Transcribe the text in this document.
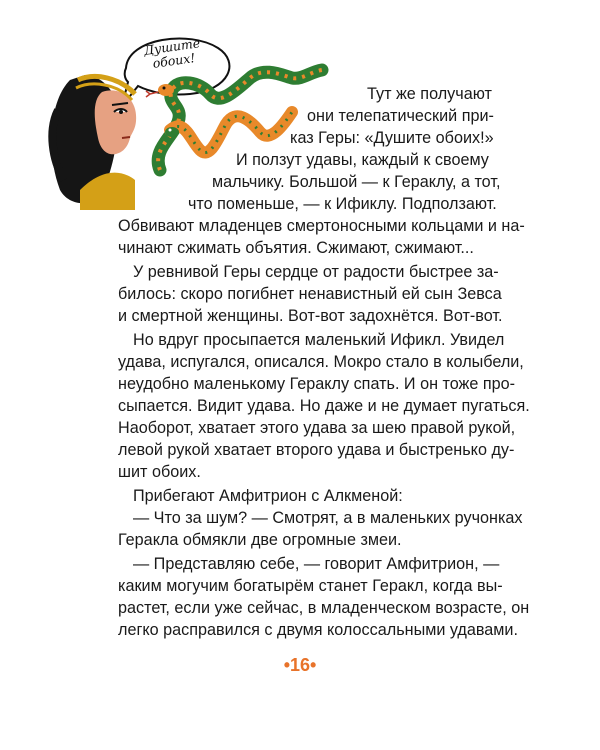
Душите обоих!
Тут же получают
они телепатический при-
каз Геры: «Душите обоих!»
И ползут удавы, каждый к своему
мальчику. Большой — к Гераклу, а тот,
что поменьше, — к Ификлу. Подползают.
Обвивают младенцев смертоносными кольцами и на-
чинают сжимать объятия. Сжимают, сжимают...
У ревнивой Геры сердце от радости быстрее за-
билось: скоро погибнет ненавистный ей сын Зевса
и смертной женщины. Вот-вот задохнётся. Вот-вот.
Но вдруг просыпается маленький Ификл. Увидел
удава, испугался, описался. Мокро стало в колыбели,
неудобно маленькому Гераклу спать. И он тоже про-
сыпается. Видит удава. Но даже и не думает пугаться.
Наоборот, хватает этого удава за шею правой рукой,
левой рукой хватает второго удава и быстренько ду-
шит обоих.
Прибегают Амфитрион с Алкменой:
— Что за шум? — Смотрят, а в маленьких ручонках
Геракла обмякли две огромные змеи.
— Представляю себе, — говорит Амфитрион, —
каким могучим богатырём станет Геракл, когда вы-
растет, если уже сейчас, в младенческом возрасте, он
легко расправился с двумя колоссальными удавами.
•16•
